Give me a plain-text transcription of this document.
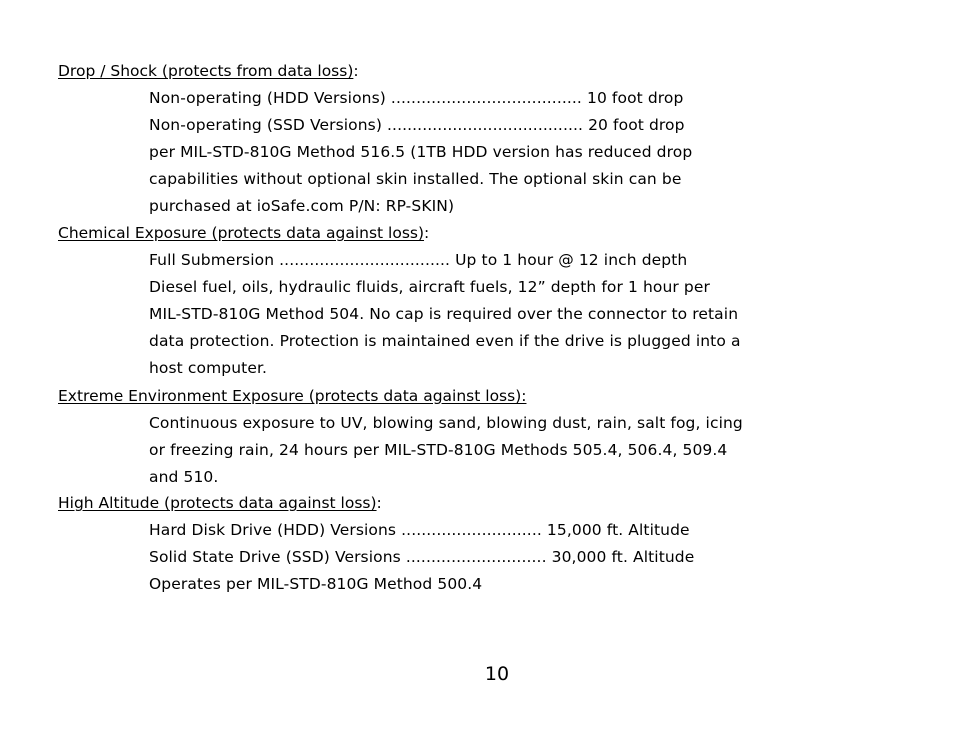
Drop / Shock (protects from data loss):
Non-operating (HDD Versions) ...................................... 10 foot drop
Non-operating (SSD Versions) ....................................... 20 foot drop
per MIL-STD-810G Method 516.5 (1TB HDD version has reduced drop
capabilities without optional skin installed. The optional skin can be
purchased at ioSafe.com P/N: RP-SKIN)
Chemical Exposure (protects data against loss):
Full Submersion .................................. Up to 1 hour @ 12 inch depth
Diesel fuel, oils, hydraulic fluids, aircraft fuels, 12” depth for 1 hour per
MIL-STD-810G Method 504. No cap is required over the connector to retain
data protection. Protection is maintained even if the drive is plugged into a
host computer.
Extreme Environment Exposure (protects data against loss):
Continuous exposure to UV, blowing sand, blowing dust, rain, salt fog, icing
or freezing rain, 24 hours per MIL-STD-810G Methods 505.4, 506.4, 509.4
and 510.
High Altitude (protects data against loss):
Hard Disk Drive (HDD) Versions ............................ 15,000 ft. Altitude
Solid State Drive (SSD) Versions ............................ 30,000 ft. Altitude
Operates per MIL-STD-810G Method 500.4
10
